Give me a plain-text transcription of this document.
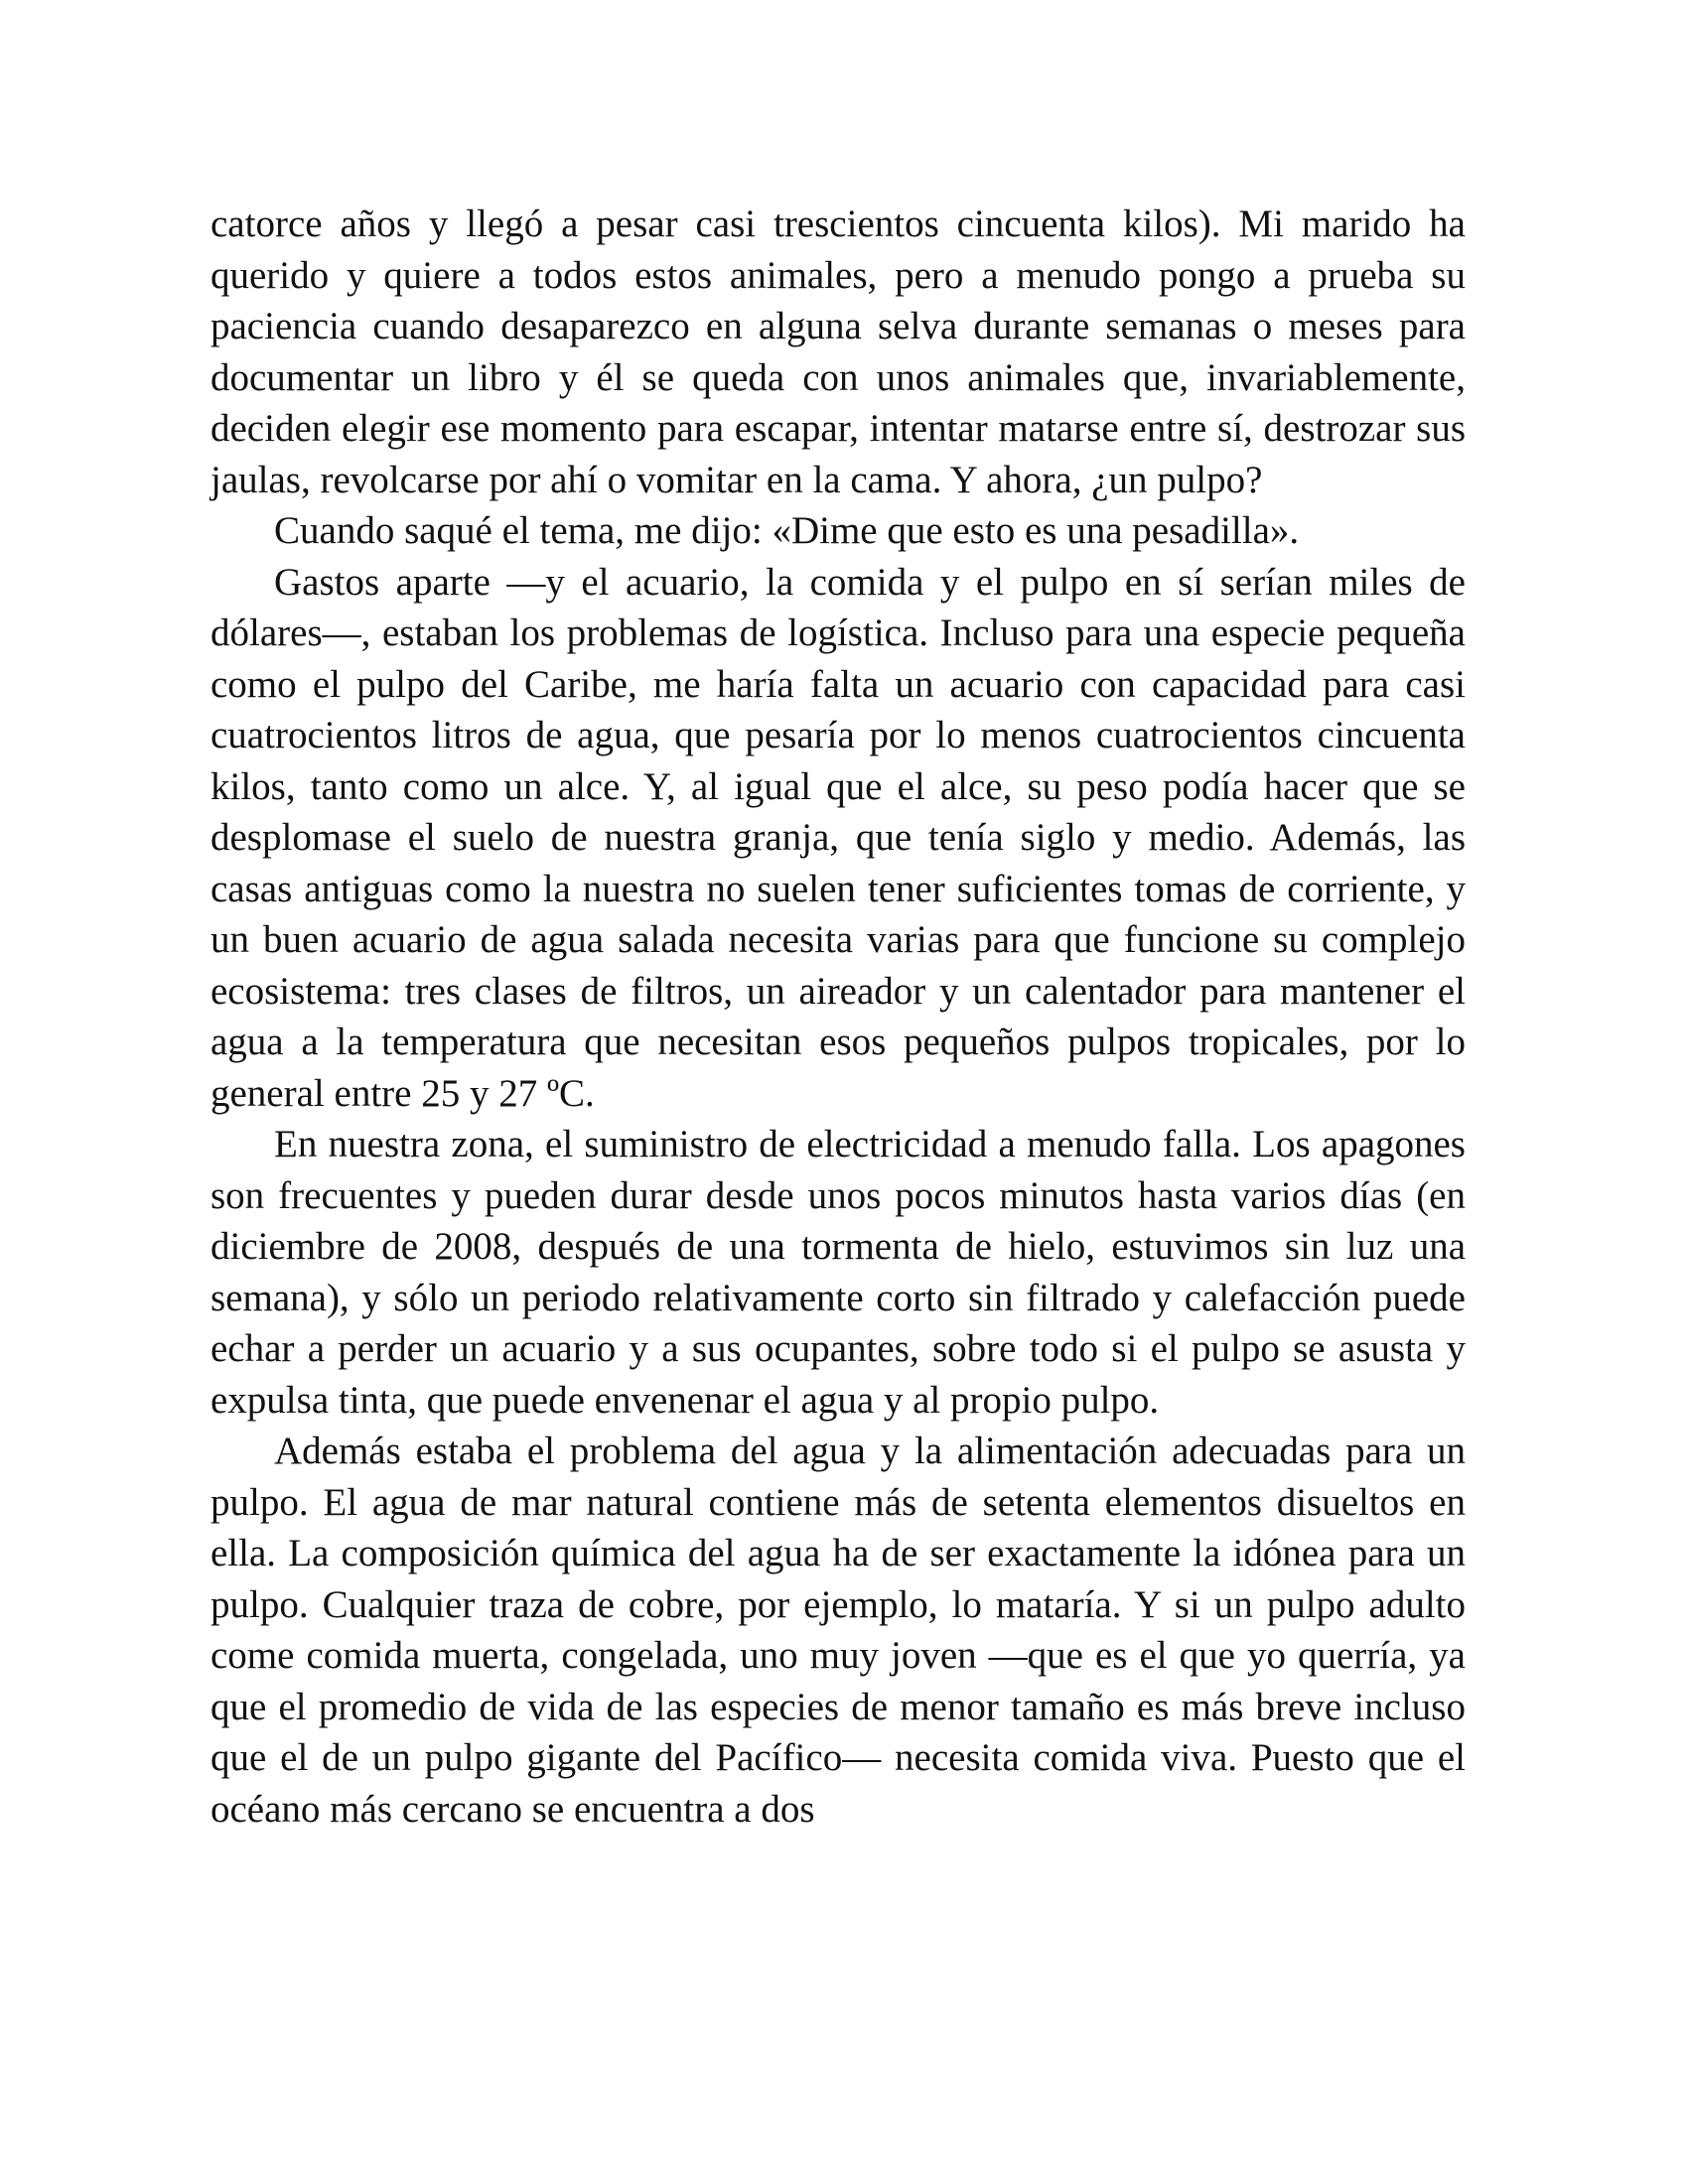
catorce años y llegó a pesar casi trescientos cincuenta kilos). Mi marido ha querido y quiere a todos estos animales, pero a menudo pongo a prueba su paciencia cuando desaparezco en alguna selva durante semanas o meses para documentar un libro y él se queda con unos animales que, invariablemente, deciden elegir ese momento para escapar, intentar matarse entre sí, destrozar sus jaulas, revolcarse por ahí o vomitar en la cama. Y ahora, ¿un pulpo?

Cuando saqué el tema, me dijo: «Dime que esto es una pesadilla».

Gastos aparte —y el acuario, la comida y el pulpo en sí serían miles de dólares—, estaban los problemas de logística. Incluso para una especie pequeña como el pulpo del Caribe, me haría falta un acuario con capacidad para casi cuatrocientos litros de agua, que pesaría por lo menos cuatrocientos cincuenta kilos, tanto como un alce. Y, al igual que el alce, su peso podía hacer que se desplomase el suelo de nuestra granja, que tenía siglo y medio. Además, las casas antiguas como la nuestra no suelen tener suficientes tomas de corriente, y un buen acuario de agua salada necesita varias para que funcione su complejo ecosistema: tres clases de filtros, un aireador y un calentador para mantener el agua a la temperatura que necesitan esos pequeños pulpos tropicales, por lo general entre 25 y 27 ºC.

En nuestra zona, el suministro de electricidad a menudo falla. Los apagones son frecuentes y pueden durar desde unos pocos minutos hasta varios días (en diciembre de 2008, después de una tormenta de hielo, estuvimos sin luz una semana), y sólo un periodo relativamente corto sin filtrado y calefacción puede echar a perder un acuario y a sus ocupantes, sobre todo si el pulpo se asusta y expulsa tinta, que puede envenenar el agua y al propio pulpo.

Además estaba el problema del agua y la alimentación adecuadas para un pulpo. El agua de mar natural contiene más de setenta elementos disueltos en ella. La composición química del agua ha de ser exactamente la idónea para un pulpo. Cualquier traza de cobre, por ejemplo, lo mataría. Y si un pulpo adulto come comida muerta, congelada, uno muy joven —que es el que yo querría, ya que el promedio de vida de las especies de menor tamaño es más breve incluso que el de un pulpo gigante del Pacífico— necesita comida viva. Puesto que el océano más cercano se encuentra a dos
